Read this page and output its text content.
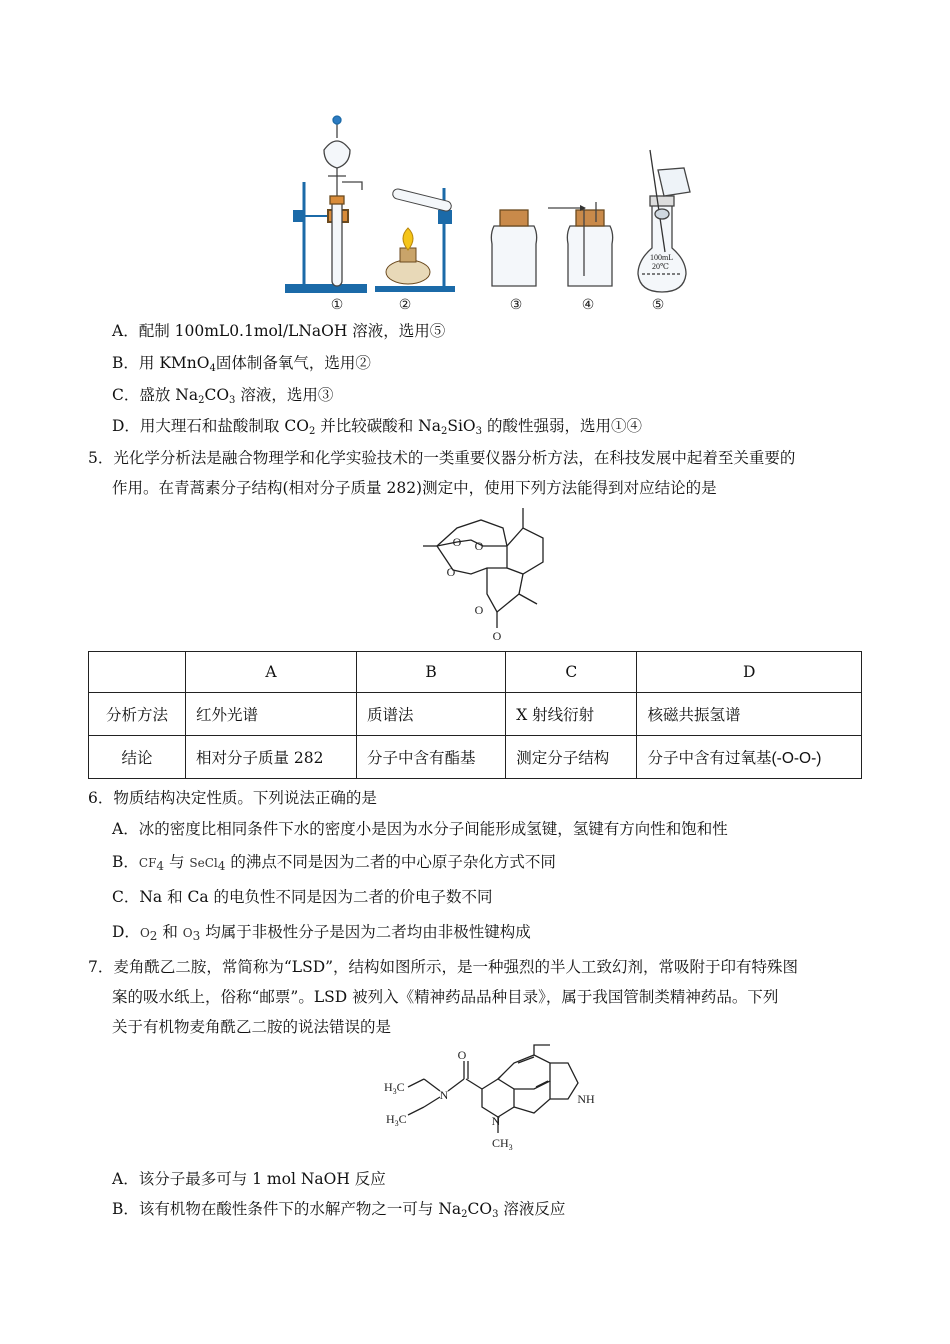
100mL
20℃
①	②	③	④	⑤
A．配制 100mL0.1mol/LNaOH 溶液，选用⑤
B．用 KMnO$_4$固体制备氧气，选用②
C．盛放 $Na_2CO_3$ 溶液，选用③
D．用大理石和盐酸制取 $CO_2$ 并比较碳酸和 $Na_2SiO_3$ 的酸性强弱，选用①④
5．光化学分析法是融合物理学和化学实验技术的一类重要仪器分析方法，在科技发展中起着至关重要的
作用。在青蒿素分子结构(相对分子质量 282)测定中，使用下列方法能得到对应结论的是
O O
O
O
O
	A	B	C	D
分析方法	红外光谱	质谱法	X 射线衍射	核磁共振氢谱
结论	相对分子质量 282	分子中含有酯基	测定分子结构	分子中含有过氧基(-O-O-)
6．物质结构决定性质。下列说法正确的是
A．冰的密度比相同条件下水的密度小是因为水分子间能形成氢键，氢键有方向性和饱和性
B．$CF_4$ 与 SeCl$_4$ 的沸点不同是因为二者的中心原子杂化方式不同
C．Na 和 Ca 的电负性不同是因为二者的价电子数不同
D．$O_2$ 和 $O_3$ 均属于非极性分子是因为二者均由非极性键构成
7．麦角酰乙二胺，常简称为“LSD”，结构如图所示，是一种强烈的半人工致幻剂，常吸附于印有特殊图
案的吸水纸上，俗称“邮票”。LSD 被列入《精神药品品种目录》，属于我国管制类精神药品。下列
关于有机物麦角酰乙二胺的说法错误的是
O
N	NH
N
$H_3C$
$H_3C$
$CH_3$
A．该分子最多可与 1 mol NaOH 反应
B．该有机物在酸性条件下的水解产物之一可与 $Na_2CO_3$ 溶液反应
